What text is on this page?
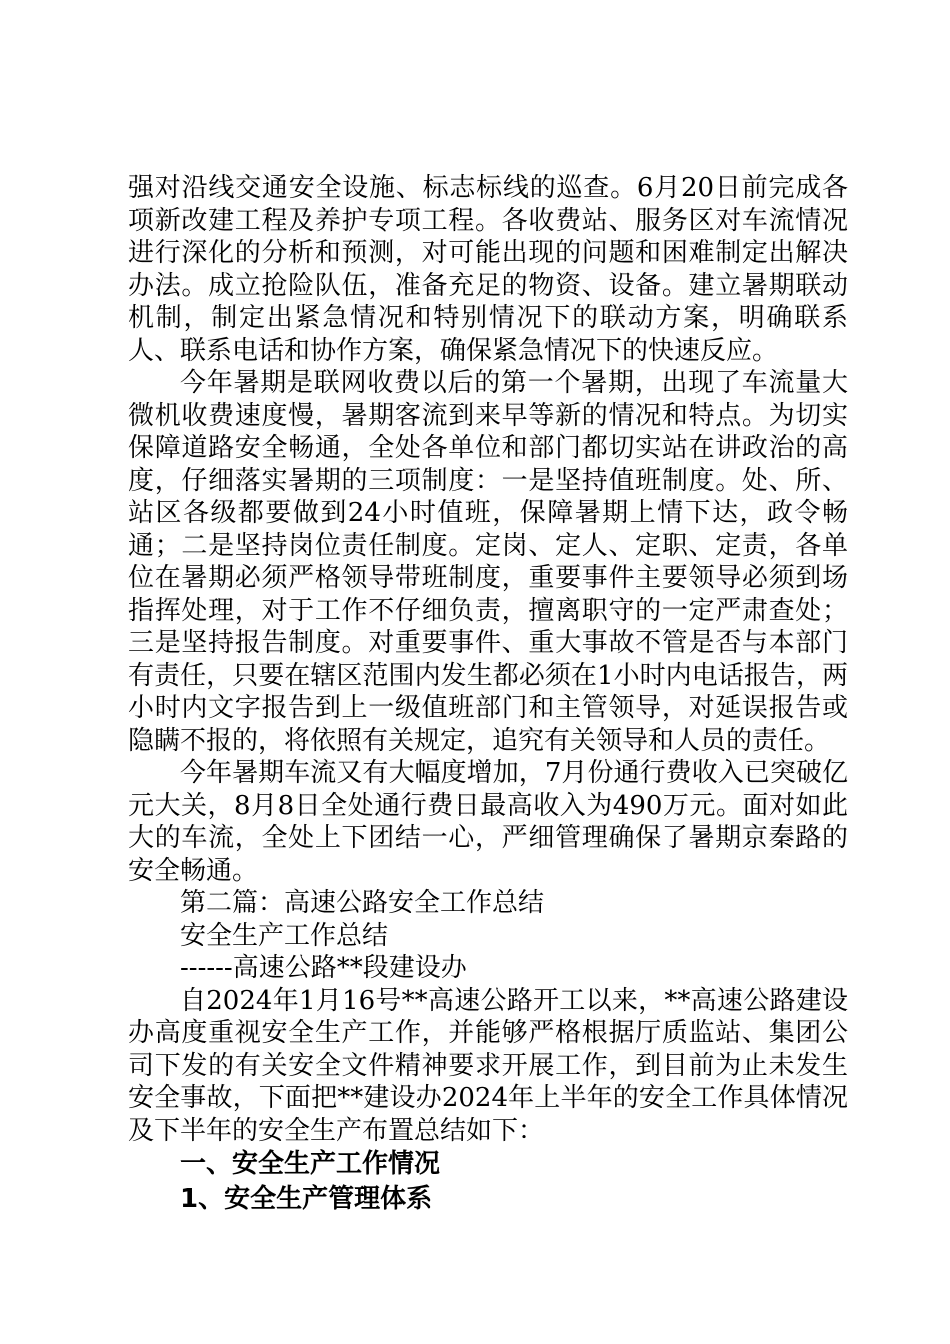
强对沿线交通安全设施、标志标线的巡查。6月20日前完成各项新改建工程及养护专项工程。各收费站、服务区对车流情况进行深化的分析和预测，对可能出现的问题和困难制定出解决办法。成立抢险队伍，准备充足的物资、设备。建立暑期联动机制，制定出紧急情况和特别情况下的联动方案，明确联系人、联系电话和协作方案，确保紧急情况下的快速反应。

今年暑期是联网收费以后的第一个暑期，出现了车流量大微机收费速度慢，暑期客流到来早等新的情况和特点。为切实保障道路安全畅通，全处各单位和部门都切实站在讲政治的高度，仔细落实暑期的三项制度：一是坚持值班制度。处、所、站区各级都要做到24小时值班，保障暑期上情下达，政令畅通；二是坚持岗位责任制度。定岗、定人、定职、定责，各单位在暑期必须严格领导带班制度，重要事件主要领导必须到场指挥处理，对于工作不仔细负责，擅离职守的一定严肃查处；三是坚持报告制度。对重要事件、重大事故不管是否与本部门有责任，只要在辖区范围内发生都必须在1小时内电话报告，两小时内文字报告到上一级值班部门和主管领导，对延误报告或隐瞒不报的，将依照有关规定，追究有关领导和人员的责任。

今年暑期车流又有大幅度增加，7月份通行费收入已突破亿元大关，8月8日全处通行费日最高收入为490万元。面对如此大的车流，全处上下团结一心，严细管理确保了暑期京秦路的安全畅通。

第二篇：高速公路安全工作总结

安全生产工作总结

------高速公路**段建设办

自2024年1月16号**高速公路开工以来，**高速公路建设办高度重视安全生产工作，并能够严格根据厅质监站、集团公司下发的有关安全文件精神要求开展工作，到目前为止未发生安全事故，下面把**建设办2024年上半年的安全工作具体情况及下半年的安全生产布置总结如下：

一、安全生产工作情况

1、安全生产管理体系
